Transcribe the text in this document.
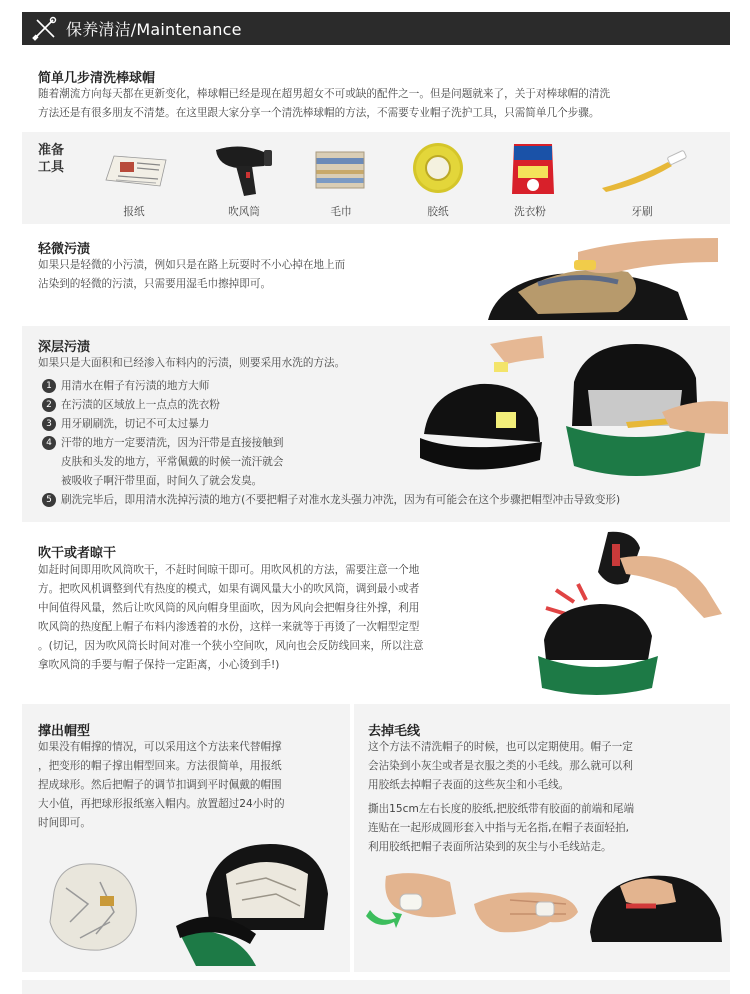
保养清洁/Maintenance
简单几步清洗棒球帽

随着潮流方向每天都在更新变化，棒球帽已经是现在超男超女不可或缺的配件之一。但是问题就来了，关于对棒球帽的清洗

方法还是有很多朋友不清楚。在这里跟大家分享一个清洗棒球帽的方法，不需要专业帽子洗护工具，只需简单几个步骤。

准备工具
报纸	吹风筒	毛巾	胶纸	洗衣粉	牙刷
轻微污渍

如果只是轻微的小污渍，例如只是在路上玩耍时不小心掉在地上而

沾染到的轻微的污渍，只需要用湿毛巾擦掉即可。

深层污渍
如果只是大面积和已经渗入布料内的污渍，则要采用水洗的方法。
1 用清水在帽子有污渍的地方大师

2 在污渍的区域放上一点点的洗衣粉

3 用牙刷刷洗，切记不可太过暴力

4 汗带的地方一定要清洗，因为汗带是直接接触到

皮肤和头发的地方，平常佩戴的时候一流汗就会

被吸收子啊汗带里面，时间久了就会发臭。

5 刷洗完毕后，即用清水洗掉污渍的地方(不要把帽子对准水龙头强力冲洗，因为有可能会在这个步骤把帽型冲击导致变形)

吹干或者晾干

如赶时间即用吹风筒吹干，不赶时间晾干即可。用吹风机的方法，需要注意一个地

方。把吹风机调整到代有热度的模式，如果有调风量大小的吹风筒，调到最小或者

中间值得风量，然后让吹风筒的风向帽身里面吹，因为风向会把帽身往外撑，利用

吹风筒的热度配上帽子布料内渗透着的水份，这样一来就等于再烫了一次帽型定型

。(切记，因为吹风筒长时间对准一个狭小空间吹，风向也会反防线回来，所以注意

拿吹风筒的手要与帽子保持一定距离，小心烫到手!)

撑出帽型

如果没有帽撑的情况，可以采用这个方法来代替帽撑

，把变形的帽子撑出帽型回来。方法很简单，用报纸

捏成球形。然后把帽子的调节扣调到平时佩戴的帽围

大小值，再把球形报纸塞入帽内。放置超过24小时的

时间即可。

去掉毛线

这个方法不清洗帽子的时候，也可以定期使用。帽子一定

会沾染到小灰尘或者是衣服之类的小毛线。那么就可以利

用胶纸去掉帽子表面的这些灰尘和小毛线。

撕出15cm左右长度的胶纸,把胶纸带有胶面的前端和尾端

连贴在一起形成圆形套入中指与无名指,在帽子表面轻拍,

利用胶纸把帽子表面所沾染到的灰尘与小毛线站走。
